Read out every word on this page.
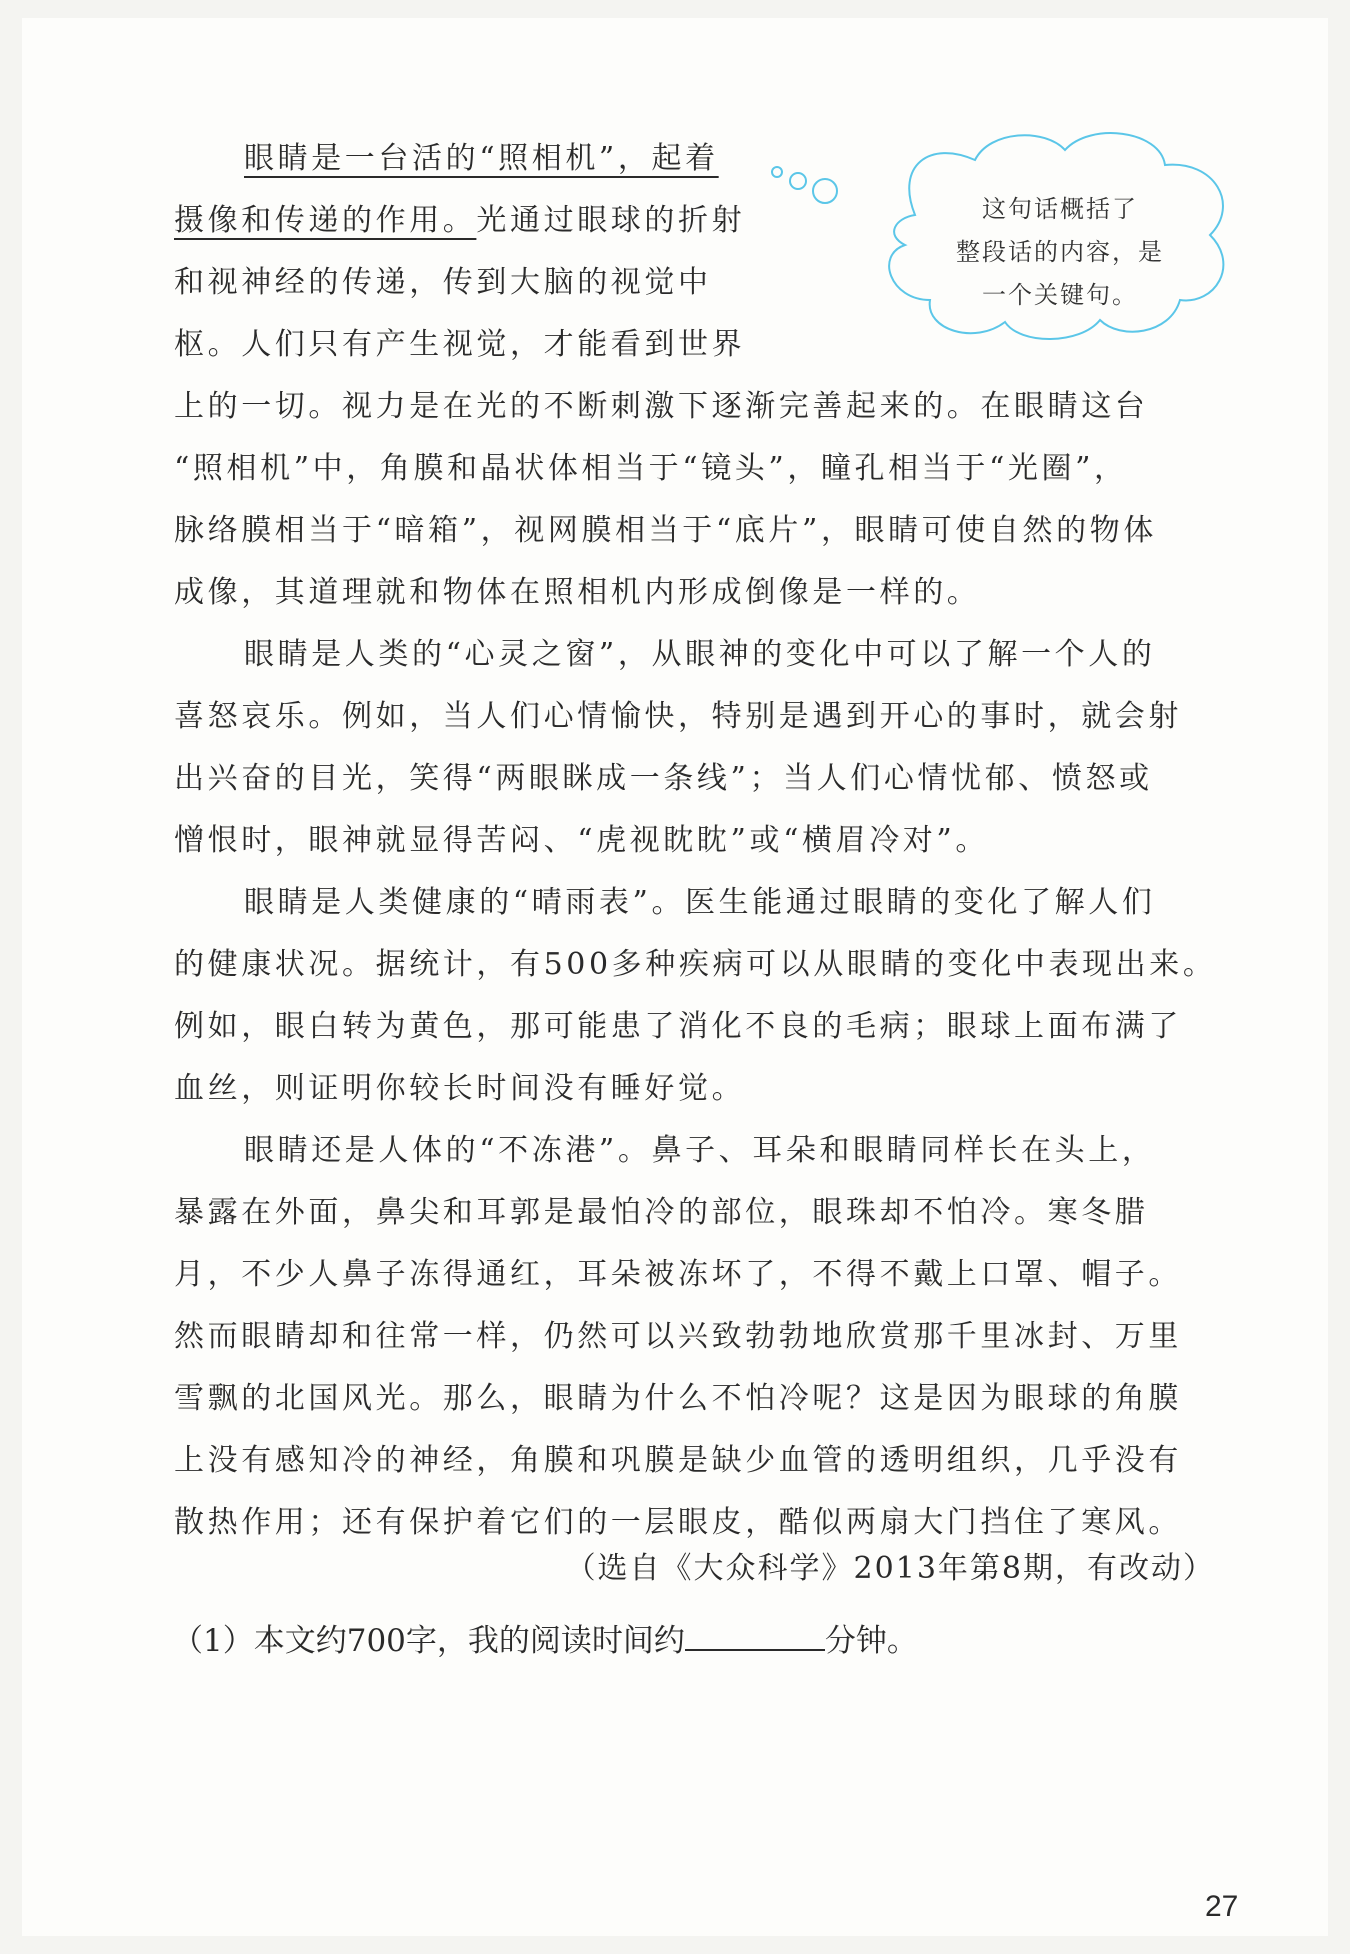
这句话概括了
整段话的内容，是
一个关键句。

眼睛是一台活的“照相机”，起着

摄像和传递的作用。光通过眼球的折射

和视神经的传递，传到大脑的视觉中

枢。人们只有产生视觉，才能看到世界

上的一切。视力是在光的不断刺激下逐渐完善起来的。在眼睛这台

“照相机”中，角膜和晶状体相当于“镜头”，瞳孔相当于“光圈”，

脉络膜相当于“暗箱”，视网膜相当于“底片”，眼睛可使自然的物体

成像，其道理就和物体在照相机内形成倒像是一样的。

眼睛是人类的“心灵之窗”，从眼神的变化中可以了解一个人的

喜怒哀乐。例如，当人们心情愉快，特别是遇到开心的事时，就会射

出兴奋的目光，笑得“两眼眯成一条线”；当人们心情忧郁、愤怒或

憎恨时，眼神就显得苦闷、“虎视眈眈”或“横眉冷对”。

眼睛是人类健康的“晴雨表”。医生能通过眼睛的变化了解人们

的健康状况。据统计，有500多种疾病可以从眼睛的变化中表现出来。

例如，眼白转为黄色，那可能患了消化不良的毛病；眼球上面布满了

血丝，则证明你较长时间没有睡好觉。

眼睛还是人体的“不冻港”。鼻子、耳朵和眼睛同样长在头上，

暴露在外面，鼻尖和耳郭是最怕冷的部位，眼珠却不怕冷。寒冬腊

月，不少人鼻子冻得通红，耳朵被冻坏了，不得不戴上口罩、帽子。

然而眼睛却和往常一样，仍然可以兴致勃勃地欣赏那千里冰封、万里

雪飘的北国风光。那么，眼睛为什么不怕冷呢？这是因为眼球的角膜

上没有感知冷的神经，角膜和巩膜是缺少血管的透明组织，几乎没有

散热作用；还有保护着它们的一层眼皮，酷似两扇大门挡住了寒风。

（选自《大众科学》2013年第8期，有改动）
（1）本文约700字，我的阅读时间约	分钟。
27
